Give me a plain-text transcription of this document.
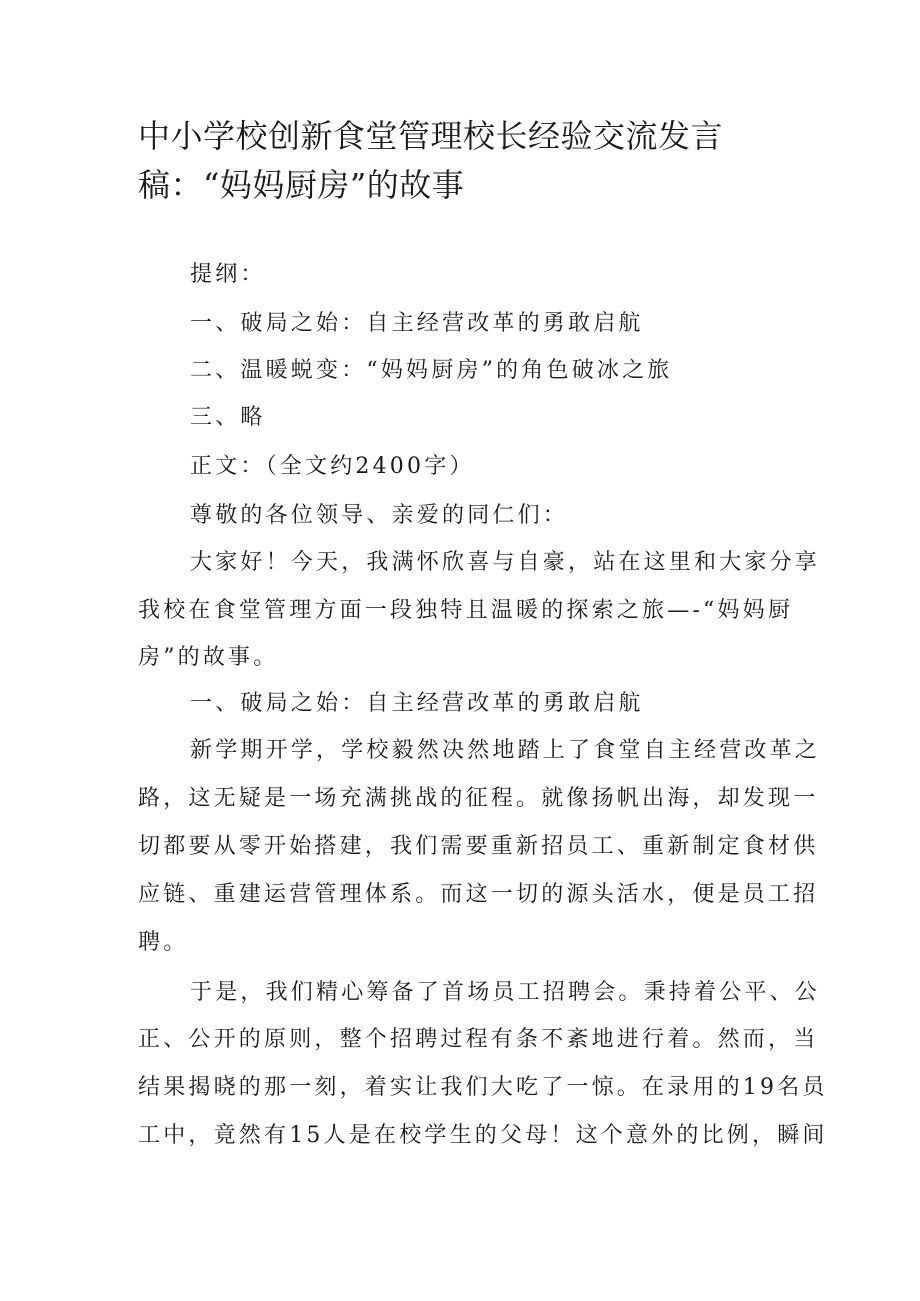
中小学校创新食堂管理校长经验交流发言
稿：“妈妈厨房”的故事
提纲：
一、破局之始：自主经营改革的勇敢启航
二、温暖蜕变：“妈妈厨房”的角色破冰之旅
三、略
正文：（全文约2400字）
尊敬的各位领导、亲爱的同仁们：
大家好！今天，我满怀欣喜与自豪，站在这里和大家分享
我校在食堂管理方面一段独特且温暖的探索之旅—-“妈妈厨
房”的故事。
一、破局之始：自主经营改革的勇敢启航
新学期开学，学校毅然决然地踏上了食堂自主经营改革之
路，这无疑是一场充满挑战的征程。就像扬帆出海，却发现一
切都要从零开始搭建，我们需要重新招员工、重新制定食材供
应链、重建运营管理体系。而这一切的源头活水，便是员工招
聘。
于是，我们精心筹备了首场员工招聘会。秉持着公平、公
正、公开的原则，整个招聘过程有条不紊地进行着。然而，当
结果揭晓的那一刻，着实让我们大吃了一惊。在录用的19名员
工中，竟然有15人是在校学生的父母！这个意外的比例，瞬间
